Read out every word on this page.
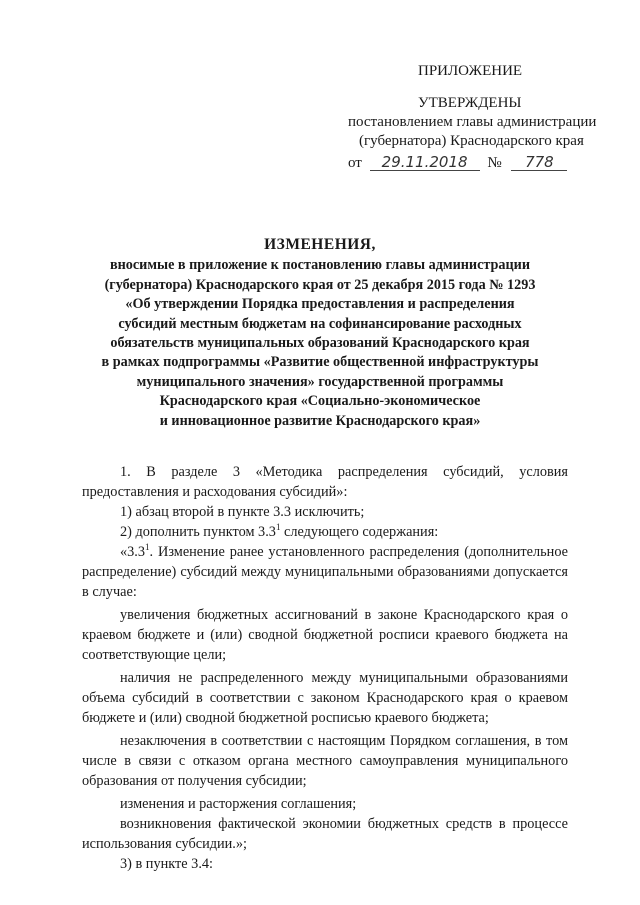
ПРИЛОЖЕНИЕ
УТВЕРЖДЕНЫ
постановлением главы администрации
(губернатора) Краснодарского края
от 29.11.2018 № 778
ИЗМЕНЕНИЯ,
вносимые в приложение к постановлению главы администрации
(губернатора) Краснодарского края от 25 декабря 2015 года № 1293
«Об утверждении Порядка предоставления и распределения
субсидий местным бюджетам на софинансирование расходных
обязательств муниципальных образований Краснодарского края
в рамках подпрограммы «Развитие общественной инфраструктуры
муниципального значения» государственной программы
Краснодарского края «Социально-экономическое
и инновационное развитие Краснодарского края»

1. В разделе 3 «Методика распределения субсидий, условия предоставления и расходования субсидий»:

1) абзац второй в пункте 3.3 исключить;

2) дополнить пунктом $3.3^1$ следующего содержания:

«$3.3^1$. Изменение ранее установленного распределения (дополнительное распределение) субсидий между муниципальными образованиями допускается в случае:

увеличения бюджетных ассигнований в законе Краснодарского края о краевом бюджете и (или) сводной бюджетной росписи краевого бюджета на соответствующие цели;

наличия не распределенного между муниципальными образованиями объема субсидий в соответствии с законом Краснодарского края о краевом бюджете и (или) сводной бюджетной росписью краевого бюджета;

незаключения в соответствии с настоящим Порядком соглашения, в том числе в связи с отказом органа местного самоуправления муниципального образования от получения субсидии;

изменения и расторжения соглашения;

возникновения фактической экономии бюджетных средств в процессе использования субсидии.»;

3) в пункте 3.4:
